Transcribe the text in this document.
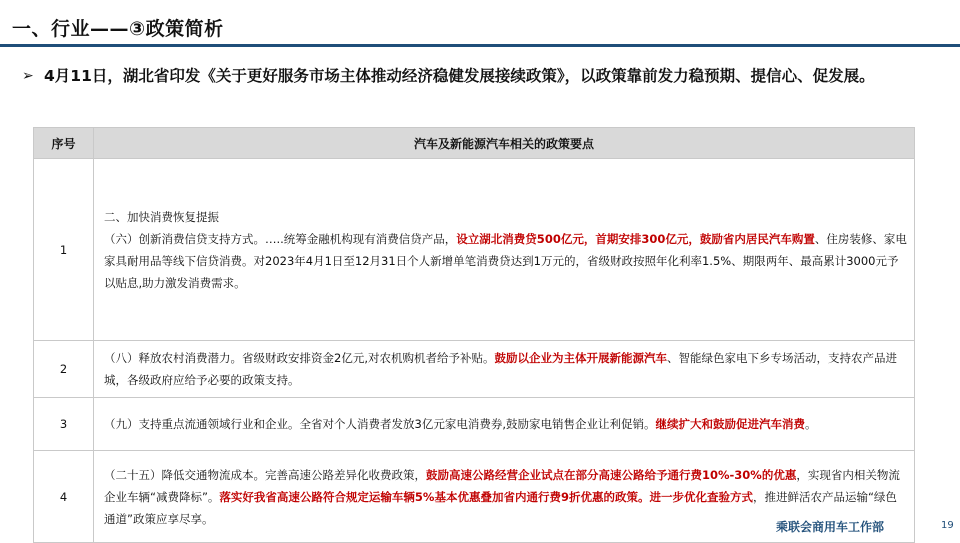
一、行业——③政策简析
➢ 4月11日，湖北省印发《关于更好服务市场主体推动经济稳健发展接续政策》，以政策靠前发力稳预期、提信心、促发展。
序号	汽车及新能源汽车相关的政策要点
1	二、加快消费恢复提振
（六）创新消费信贷支持方式。…..统筹金融机构现有消费信贷产品，设立湖北消费贷500亿元，首期安排300亿元，鼓励省内居民汽车购置、住房装修、家电家具耐用品等线下信贷消费。对2023年4月1日至12月31日个人新增单笔消费贷达到1万元的，省级财政按照年化利率1.5%、期限两年、最高累计3000元予以贴息,助力激发消费需求。
2	（八）释放农村消费潜力。省级财政安排资金2亿元,对农机购机者给予补贴。鼓励以企业为主体开展新能源汽车、智能绿色家电下乡专场活动，支持农产品进城，各级政府应给予必要的政策支持。
3	（九）支持重点流通领域行业和企业。全省对个人消费者发放3亿元家电消费券,鼓励家电销售企业让利促销。继续扩大和鼓励促进汽车消费。
4	（二十五）降低交通物流成本。完善高速公路差异化收费政策，鼓励高速公路经营企业试点在部分高速公路给予通行费10%-30%的优惠，实现省内相关物流企业车辆“减费降标”。落实好我省高速公路符合规定运输车辆5%基本优惠叠加省内通行费9折优惠的政策。进一步优化查验方式，推进鲜活农产品运输“绿色通道”政策应享尽享。
乘联会商用车工作部	19
